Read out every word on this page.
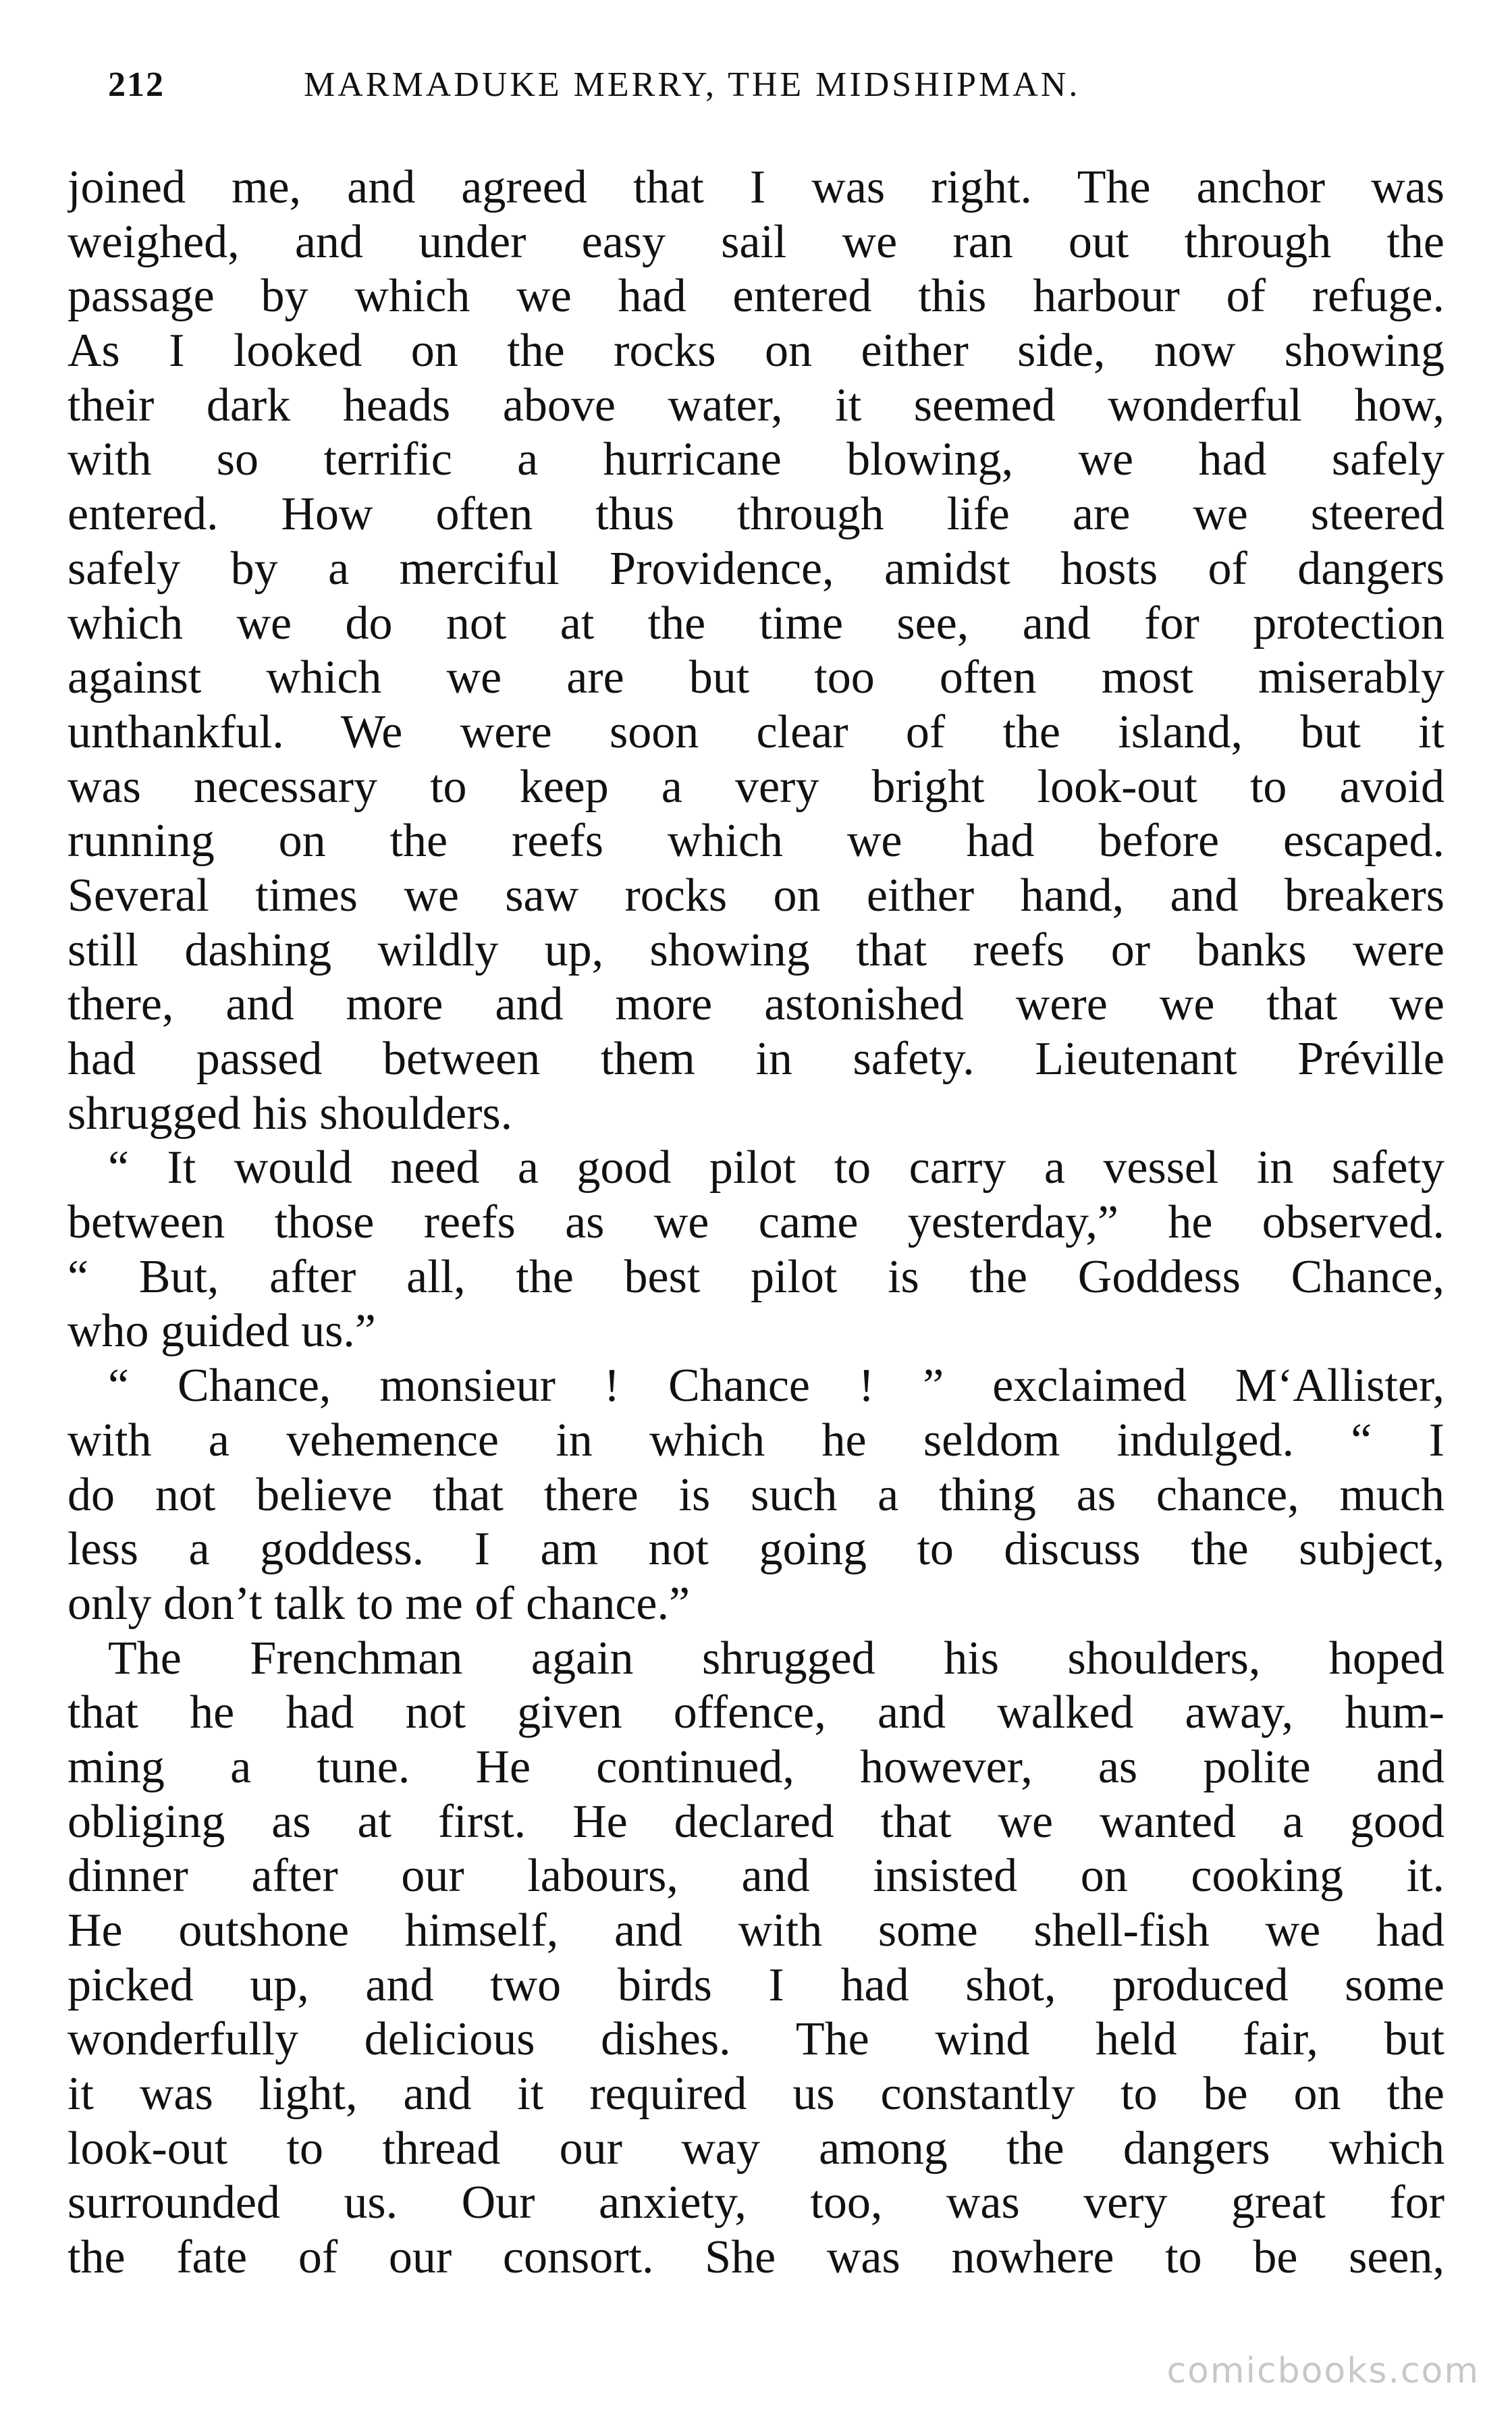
212	MARMADUKE MERRY, THE MIDSHIPMAN.
joined me, and agreed that I was right. The anchor was
weighed, and under easy sail we ran out through the
passage by which we had entered this harbour of refuge.
As I looked on the rocks on either side, now showing
their dark heads above water, it seemed wonderful how,
with so terrific a hurricane blowing, we had safely
entered. How often thus through life are we steered
safely by a merciful Providence, amidst hosts of dangers
which we do not at the time see, and for protection
against which we are but too often most miserably
unthankful. We were soon clear of the island, but it
was necessary to keep a very bright look-out to avoid
running on the reefs which we had before escaped.
Several times we saw rocks on either hand, and breakers
still dashing wildly up, showing that reefs or banks were
there, and more and more astonished were we that we
had passed between them in safety. Lieutenant Préville
shrugged his shoulders.
“ It would need a good pilot to carry a vessel in safety
between those reefs as we came yesterday,” he observed.
“ But, after all, the best pilot is the Goddess Chance,
who guided us.”
“ Chance, monsieur ! Chance ! ” exclaimed M‘Allister,
with a vehemence in which he seldom indulged. “ I
do not believe that there is such a thing as chance, much
less a goddess. I am not going to discuss the subject,
only don’t talk to me of chance.”
The Frenchman again shrugged his shoulders, hoped
that he had not given offence, and walked away, hum-
ming a tune. He continued, however, as polite and
obliging as at first. He declared that we wanted a good
dinner after our labours, and insisted on cooking it.
He outshone himself, and with some shell-fish we had
picked up, and two birds I had shot, produced some
wonderfully delicious dishes. The wind held fair, but
it was light, and it required us constantly to be on the
look-out to thread our way among the dangers which
surrounded us. Our anxiety, too, was very great for
the fate of our consort. She was nowhere to be seen,
comicbooks.com
